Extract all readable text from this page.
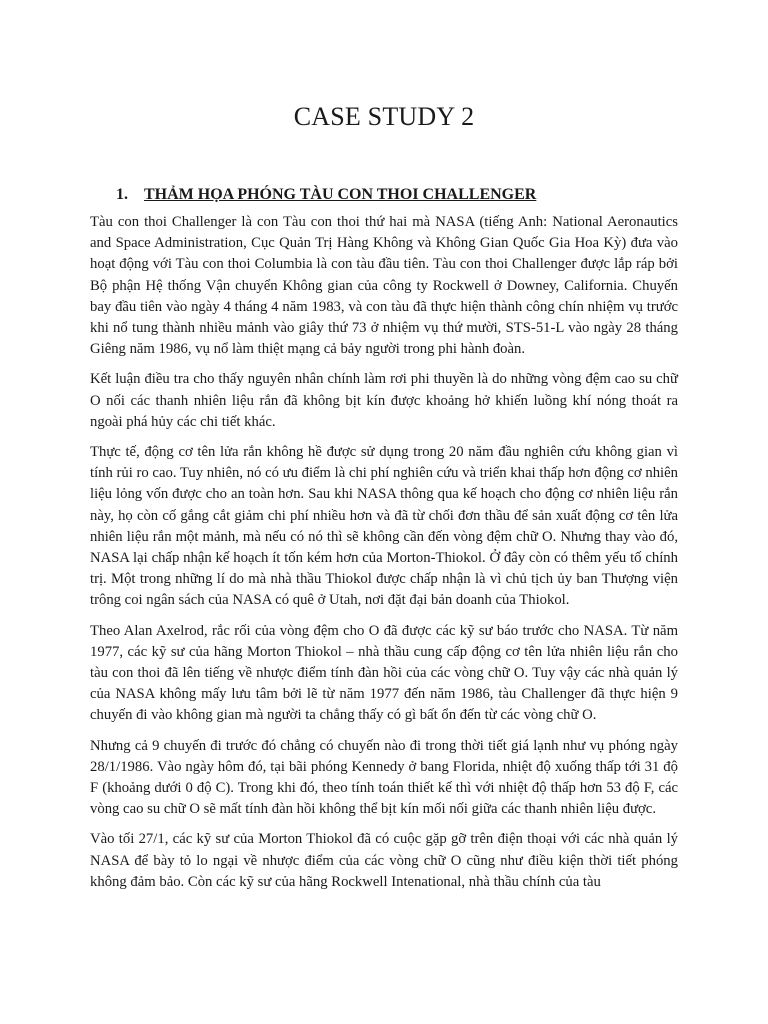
CASE STUDY 2
1. THẢM HỌA PHÓNG TÀU CON THOI CHALLENGER

Tàu con thoi Challenger là con Tàu con thoi thứ hai mà NASA (tiếng Anh: National Aeronautics and Space Administration, Cục Quản Trị Hàng Không và Không Gian Quốc Gia Hoa Kỳ) đưa vào hoạt động với Tàu con thoi Columbia là con tàu đầu tiên. Tàu con thoi Challenger được lắp ráp bởi Bộ phận Hệ thống Vận chuyển Không gian của công ty Rockwell ở Downey, California. Chuyến bay đầu tiên vào ngày 4 tháng 4 năm 1983, và con tàu đã thực hiện thành công chín nhiệm vụ trước khi nổ tung thành nhiều mảnh vào giây thứ 73 ở nhiệm vụ thứ mười, STS-51-L vào ngày 28 tháng Giêng năm 1986, vụ nổ làm thiệt mạng cả bảy người trong phi hành đoàn.

Kết luận điều tra cho thấy nguyên nhân chính làm rơi phi thuyền là do những vòng đệm cao su chữ O nối các thanh nhiên liệu rắn đã không bịt kín được khoảng hở khiến luồng khí nóng thoát ra ngoài phá hủy các chi tiết khác.

Thực tế, động cơ tên lửa rắn không hề được sử dụng trong 20 năm đầu nghiên cứu không gian vì tính rủi ro cao. Tuy nhiên, nó có ưu điểm là chi phí nghiên cứu và triển khai thấp hơn động cơ nhiên liệu lỏng vốn được cho an toàn hơn. Sau khi NASA thông qua kế hoạch cho động cơ nhiên liệu rắn này, họ còn cố gắng cắt giảm chi phí nhiều hơn và đã từ chối đơn thầu để sản xuất động cơ tên lửa nhiên liệu rắn một mảnh, mà nếu có nó thì sẽ không cần đến vòng đệm chữ O. Nhưng thay vào đó, NASA lại chấp nhận kế hoạch ít tốn kém hơn của Morton-Thiokol. Ở đây còn có thêm yếu tố chính trị. Một trong những lí do mà nhà thầu Thiokol được chấp nhận là vì chủ tịch ủy ban Thượng viện trông coi ngân sách của NASA có quê ở Utah, nơi đặt đại bản doanh của Thiokol.

Theo Alan Axelrod, rắc rối của vòng đệm cho O đã được các kỹ sư báo trước cho NASA. Từ năm 1977, các kỹ sư của hãng Morton Thiokol – nhà thầu cung cấp động cơ tên lửa nhiên liệu rắn cho tàu con thoi đã lên tiếng về nhược điểm tính đàn hồi của các vòng chữ O. Tuy vậy các nhà quản lý của NASA không mấy lưu tâm bởi lẽ từ năm 1977 đến năm 1986, tàu Challenger đã thực hiện 9 chuyến đi vào không gian mà người ta chẳng thấy có gì bất ổn đến từ các vòng chữ O.

Nhưng cả 9 chuyến đi trước đó chẳng có chuyến nào đi trong thời tiết giá lạnh như vụ phóng ngày 28/1/1986. Vào ngày hôm đó, tại bãi phóng Kennedy ở bang Florida, nhiệt độ xuống thấp tới 31 độ F (khoảng dưới 0 độ C). Trong khi đó, theo tính toán thiết kế thì với nhiệt độ thấp hơn 53 độ F, các vòng cao su chữ O sẽ mất tính đàn hồi không thể bịt kín mối nối giữa các thanh nhiên liệu được.

Vào tối 27/1, các kỹ sư của Morton Thiokol đã có cuộc gặp gỡ trên điện thoại với các nhà quản lý NASA để bày tỏ lo ngại về nhược điểm của các vòng chữ O cũng như điều kiện thời tiết phóng không đảm bảo. Còn các kỹ sư của hãng Rockwell Intenational, nhà thầu chính của tàu
